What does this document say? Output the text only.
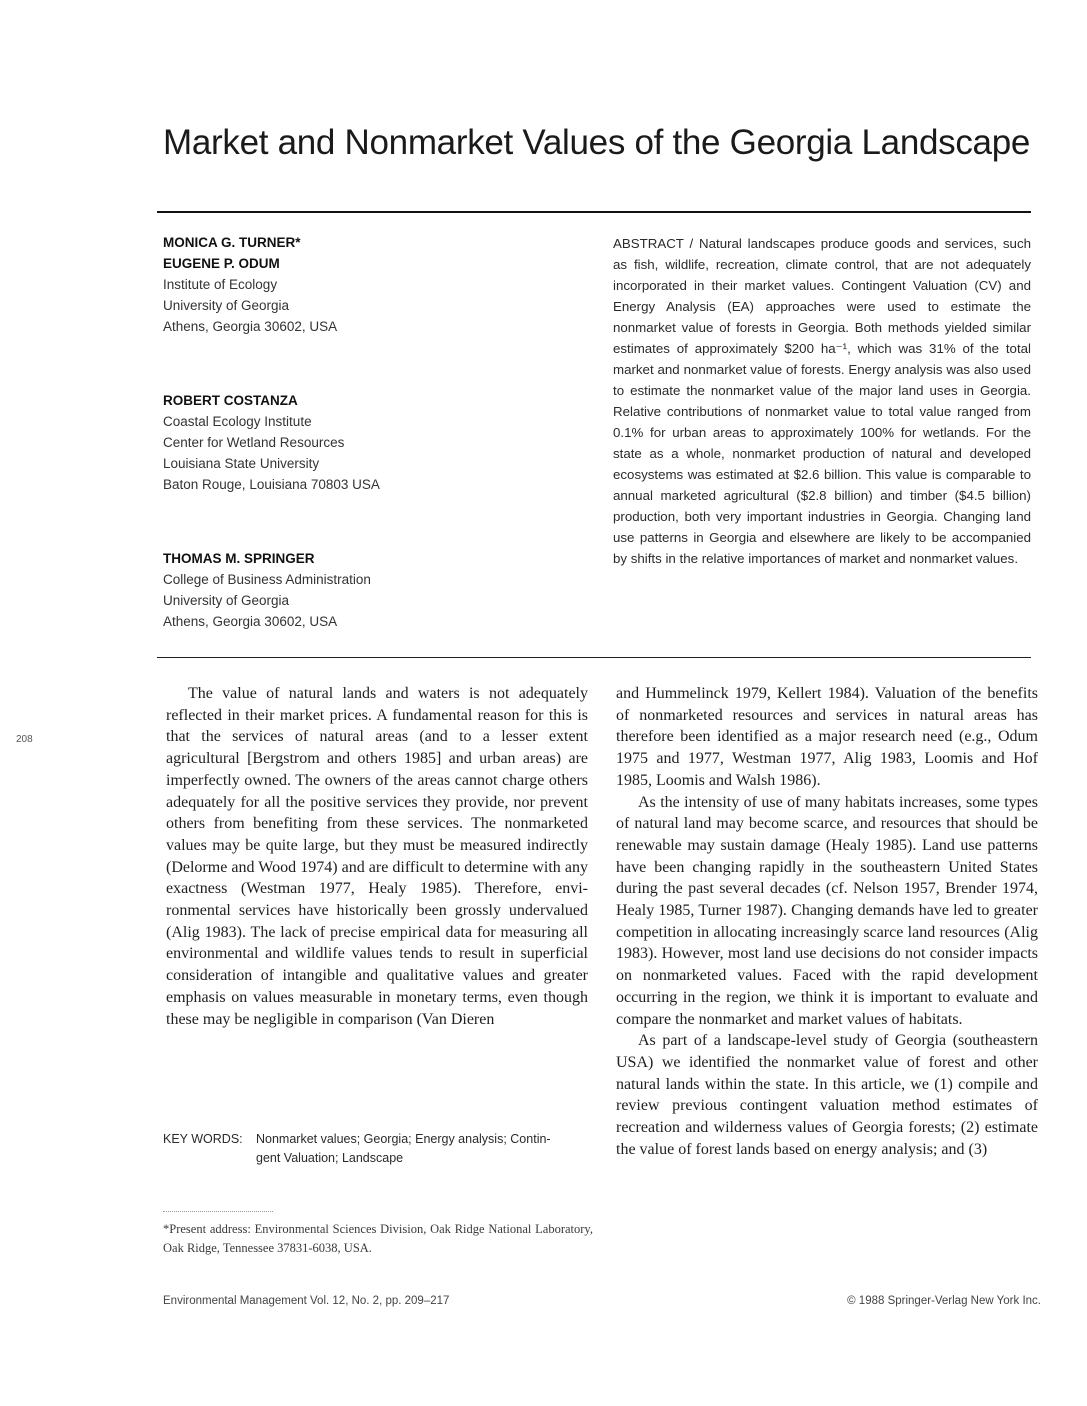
Market and Nonmarket Values of the Georgia Landscape
MONICA G. TURNER*
EUGENE P. ODUM
Institute of Ecology
University of Georgia
Athens, Georgia 30602, USA
ROBERT COSTANZA
Coastal Ecology Institute
Center for Wetland Resources
Louisiana State University
Baton Rouge, Louisiana 70803 USA
THOMAS M. SPRINGER
College of Business Administration
University of Georgia
Athens, Georgia 30602, USA
ABSTRACT / Natural landscapes produce goods and services, such as fish, wildlife, recreation, climate control, that are not adequately incorporated in their market values. Contingent Valuation (CV) and Energy Analysis (EA) approaches were used to estimate the nonmarket value of forests in Georgia. Both methods yielded similar estimates of approximately $200 ha⁻¹, which was 31% of the total market and nonmarket value of forests. Energy analysis was also used to estimate the nonmarket value of the major land uses in Georgia. Relative contributions of nonmarket value to total value ranged from 0.1% for urban areas to approximately 100% for wetlands. For the state as a whole, nonmarket production of natural and developed ecosystems was estimated at $2.6 billion. This value is comparable to annual marketed agricultural ($2.8 billion) and timber ($4.5 billion) production, both very important industries in Georgia. Changing land use patterns in Georgia and elsewhere are likely to be accompanied by shifts in the relative importances of market and nonmarket values.
208

The value of natural lands and waters is not adequately reflected in their market prices. A fundamental reason for this is that the services of natural areas (and to a lesser extent agricultural [Bergstrom and others 1985] and urban areas) are imperfectly owned. The owners of the areas cannot charge others adequately for all the positive services they provide, nor prevent others from benefiting from these services. The nonmarketed values may be quite large, but they must be measured indirectly (Delorme and Wood 1974) and are difficult to determine with any exactness (Westman 1977, Healy 1985). Therefore, environmental services have historically been grossly undervalued (Alig 1983). The lack of precise empirical data for measuring all environmental and wildlife values tends to result in superficial consideration of intangible and qualitative values and greater emphasis on values measurable in monetary terms, even though these may be negligible in comparison (Van Dieren

and Hummelinck 1979, Kellert 1984). Valuation of the benefits of nonmarketed resources and services in natural areas has therefore been identified as a major research need (e.g., Odum 1975 and 1977, Westman 1977, Alig 1983, Loomis and Hof 1985, Loomis and Walsh 1986).

As the intensity of use of many habitats increases, some types of natural land may become scarce, and resources that should be renewable may sustain damage (Healy 1985). Land use patterns have been changing rapidly in the southeastern United States during the past several decades (cf. Nelson 1957, Brender 1974, Healy 1985, Turner 1987). Changing demands have led to greater competition in allocating increasingly scarce land resources (Alig 1983). However, most land use decisions do not consider impacts on nonmarketed values. Faced with the rapid development occurring in the region, we think it is important to evaluate and compare the nonmarket and market values of habitats.

As part of a landscape-level study of Georgia (southeastern USA) we identified the nonmarket value of forest and other natural lands within the state. In this article, we (1) compile and review previous contingent valuation method estimates of recreation and wilderness values of Georgia forests; (2) estimate the value of forest lands based on energy analysis; and (3)

KEY WORDS: Nonmarket values; Georgia; Energy analysis; Contin-
gent Valuation; Landscape
*Present address: Environmental Sciences Division, Oak Ridge National Laboratory, Oak Ridge, Tennessee 37831-6038, USA.
Environmental Management Vol. 12, No. 2, pp. 209–217	© 1988 Springer-Verlag New York Inc.
